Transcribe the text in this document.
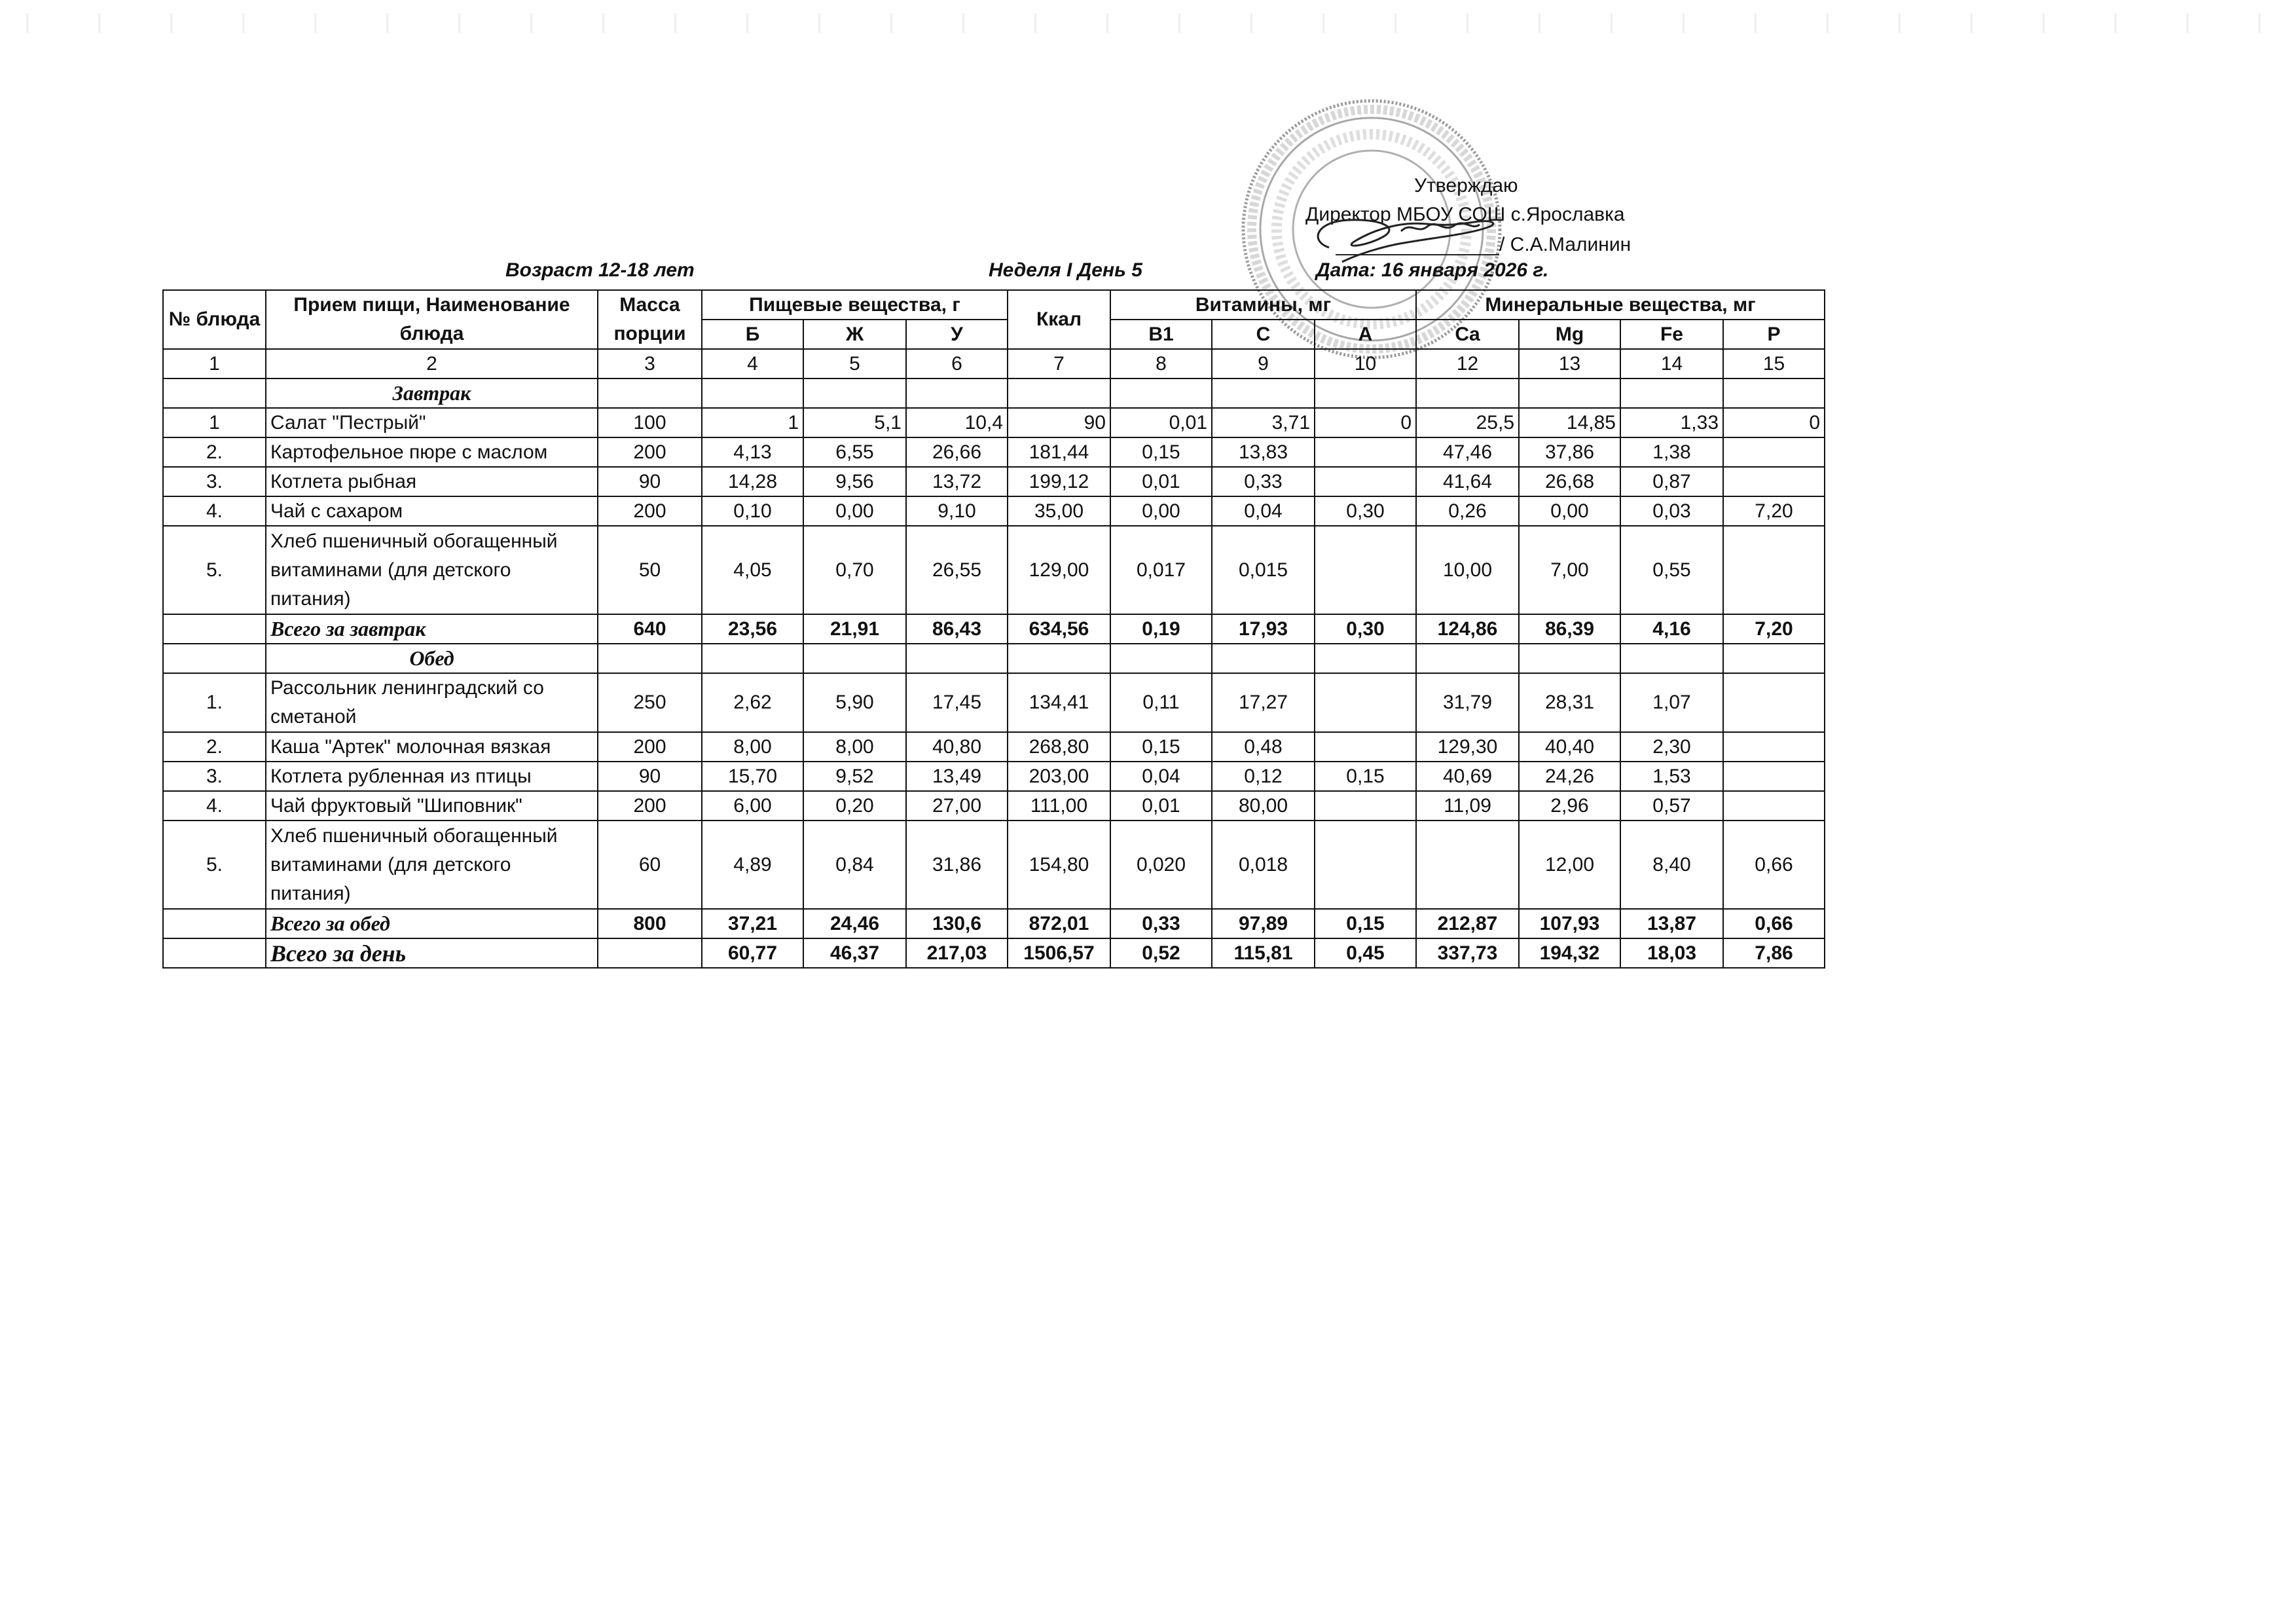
Утверждаю
Директор МБОУ СОШ с.Ярославка
/ С.А.Малинин
Возраст 12-18 лет	Неделя I День 5	Дата: 16 января 2026 г.
№ блюда	Прием пищи, Наименование блюда	Масса порции	Пищевые вещества, г			Ккал	Витамины, мг			Минеральные вещества, мг			
			Б	Ж	У		В1	С	А	Ca	Mg	Fe	P
1	2	3	4	5	6	7	8	9	10	12	13	14	15
	Завтрак												
1	Салат "Пестрый"	100	1	5,1	10,4	90	0,01	3,71	0	25,5	14,85	1,33	0
2.	Картофельное пюре с маслом	200	4,13	6,55	26,66	181,44	0,15	13,83		47,46	37,86	1,38	
3.	Котлета рыбная	90	14,28	9,56	13,72	199,12	0,01	0,33		41,64	26,68	0,87	
4.	Чай с сахаром	200	0,10	0,00	9,10	35,00	0,00	0,04	0,30	0,26	0,00	0,03	7,20
5.	Хлеб пшеничный обогащенный витаминами (для детского питания)	50	4,05	0,70	26,55	129,00	0,017	0,015		10,00	7,00	0,55	
	Всего за завтрак	640	23,56	21,91	86,43	634,56	0,19	17,93	0,30	124,86	86,39	4,16	7,20
	Обед												
1.	Рассольник ленинградский со сметаной	250	2,62	5,90	17,45	134,41	0,11	17,27		31,79	28,31	1,07	
2.	Каша "Артек" молочная вязкая	200	8,00	8,00	40,80	268,80	0,15	0,48		129,30	40,40	2,30	
3.	Котлета рубленная из птицы	90	15,70	9,52	13,49	203,00	0,04	0,12	0,15	40,69	24,26	1,53	
4.	Чай фруктовый "Шиповник"	200	6,00	0,20	27,00	111,00	0,01	80,00		11,09	2,96	0,57	
5.	Хлеб пшеничный обогащенный витаминами (для детского питания)	60	4,89	0,84	31,86	154,80	0,020	0,018			12,00	8,40	0,66
	Всего за обед	800	37,21	24,46	130,6	872,01	0,33	97,89	0,15	212,87	107,93	13,87	0,66
	Всего за день		60,77	46,37	217,03	1506,57	0,52	115,81	0,45	337,73	194,32	18,03	7,86
